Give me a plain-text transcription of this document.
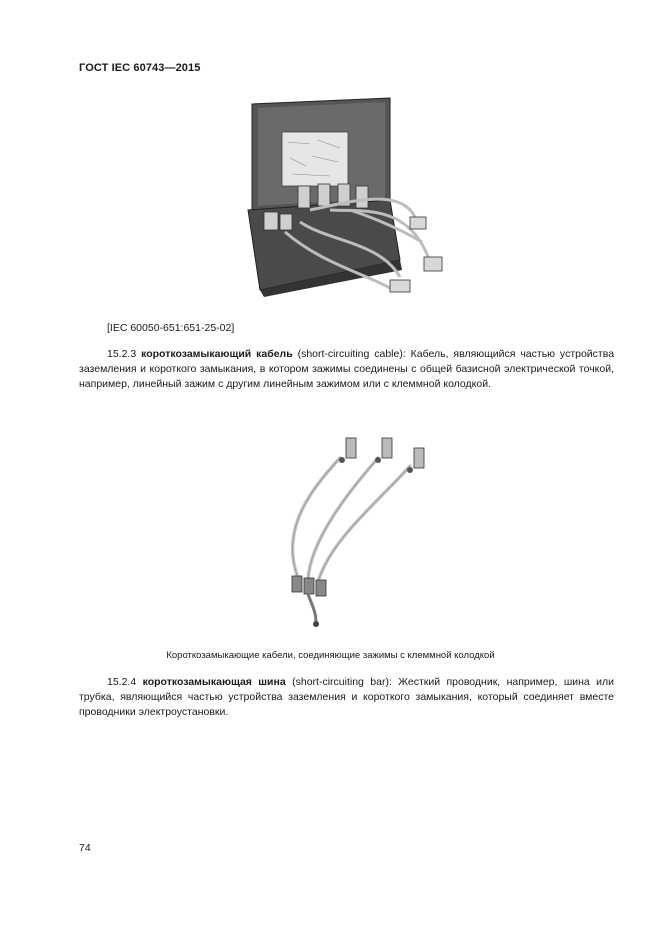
ГОСТ IEC 60743—2015
[IEC 60050-651:651-25-02]
15.2.3 короткозамыкающий кабель (short-circuiting cable): Кабель, являющийся частью устройства заземления и короткого замыкания, в котором зажимы соединены с общей базисной электрической точкой, например, линейный зажим с другим линейным зажимом или с клеммной колодкой.
Короткозамыкающие кабели, соединяющие зажимы с клеммной колодкой
15.2.4 короткозамыкающая шина (short-circuiting bar): Жесткий проводник, например, шина или трубка, являющийся частью устройства заземления и короткого замыкания, который соединяет вместе проводники электроустановки.
74
